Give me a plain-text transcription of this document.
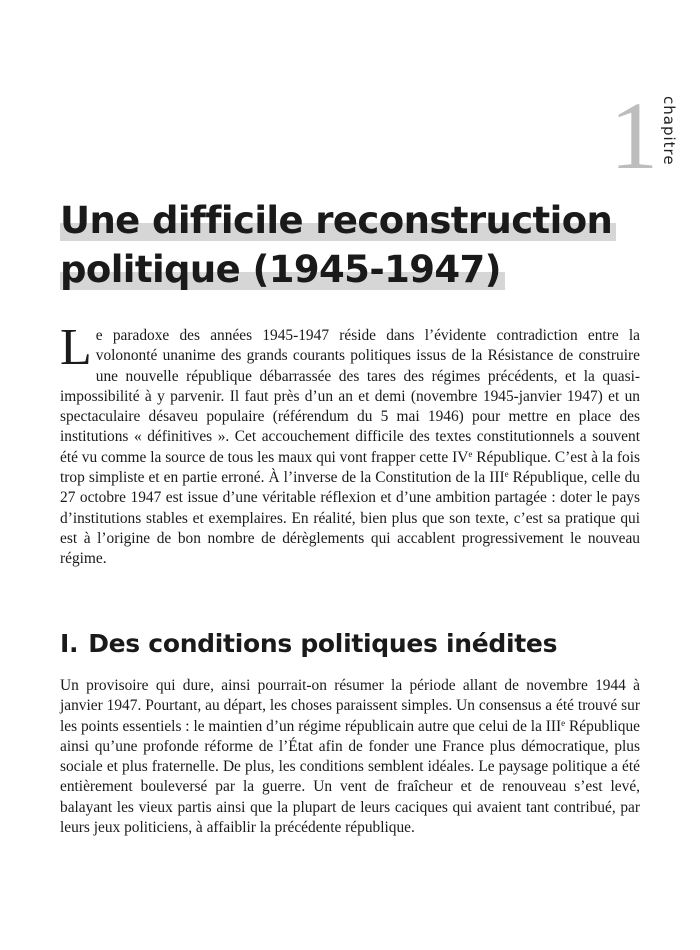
1 chapitre
Une difficile reconstruction
politique (1945-1947)

Le paradoxe des années 1945-1947 réside dans l’évidente contradiction entre la volononté unanime des grands courants politiques issus de la Résistance de construire une nouvelle république débarrassée des tares des régimes précédents, et la quasi-impossibilité à y parvenir. Il faut près d’un an et demi (novembre 1945-janvier 1947) et un spectaculaire désaveu populaire (référendum du 5 mai 1946) pour mettre en place des institutions « définitives ». Cet accouchement difficile des textes constitutionnels a souvent été vu comme la source de tous les maux qui vont frapper cette IVe République. C’est à la fois trop simpliste et en partie erroné. À l’inverse de la Constitution de la IIIe République, celle du 27 octobre 1947 est issue d’une véritable réflexion et d’une ambition partagée : doter le pays d’institutions stables et exemplaires. En réalité, bien plus que son texte, c’est sa pratique qui est à l’origine de bon nombre de dérèglements qui accablent progressivement le nouveau régime.

I. Des conditions politiques inédites

Un provisoire qui dure, ainsi pourrait-on résumer la période allant de novembre 1944 à janvier 1947. Pourtant, au départ, les choses paraissent simples. Un consensus a été trouvé sur les points essentiels : le maintien d’un régime républicain autre que celui de la IIIe République ainsi qu’une profonde réforme de l’État afin de fonder une France plus démocratique, plus sociale et plus fraternelle. De plus, les conditions semblent idéales. Le paysage politique a été entièrement bouleversé par la guerre. Un vent de fraîcheur et de renouveau s’est levé, balayant les vieux partis ainsi que la plupart de leurs caciques qui avaient tant contribué, par leurs jeux politiciens, à affaiblir la précédente république.
